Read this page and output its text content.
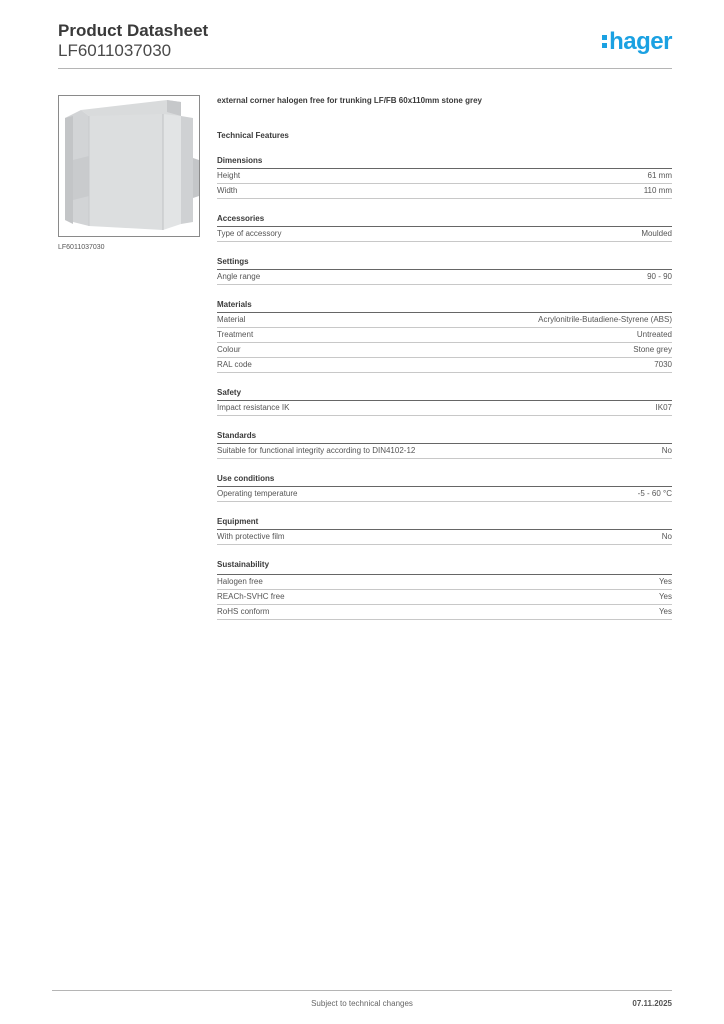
Product Datasheet
LF6011037030	hager
LF6011037030
external corner halogen free for trunking LF/FB 60x110mm stone grey
Technical Features
Dimensions
Height	61 mm
Width	110 mm
Accessories
Type of accessory	Moulded
Settings
Angle range	90 - 90
Materials
Material	Acrylonitrile-Butadiene-Styrene (ABS)
Treatment	Untreated
Colour	Stone grey
RAL code	7030
Safety
Impact resistance IK	IK07
Standards
Suitable for functional integrity according to DIN4102-12	No
Use conditions
Operating temperature	-5 - 60 °C
Equipment
With protective film	No
Sustainability
Halogen free	Yes
REACh-SVHC free	Yes
RoHS conform	Yes
Subject to technical changes	07.11.2025
